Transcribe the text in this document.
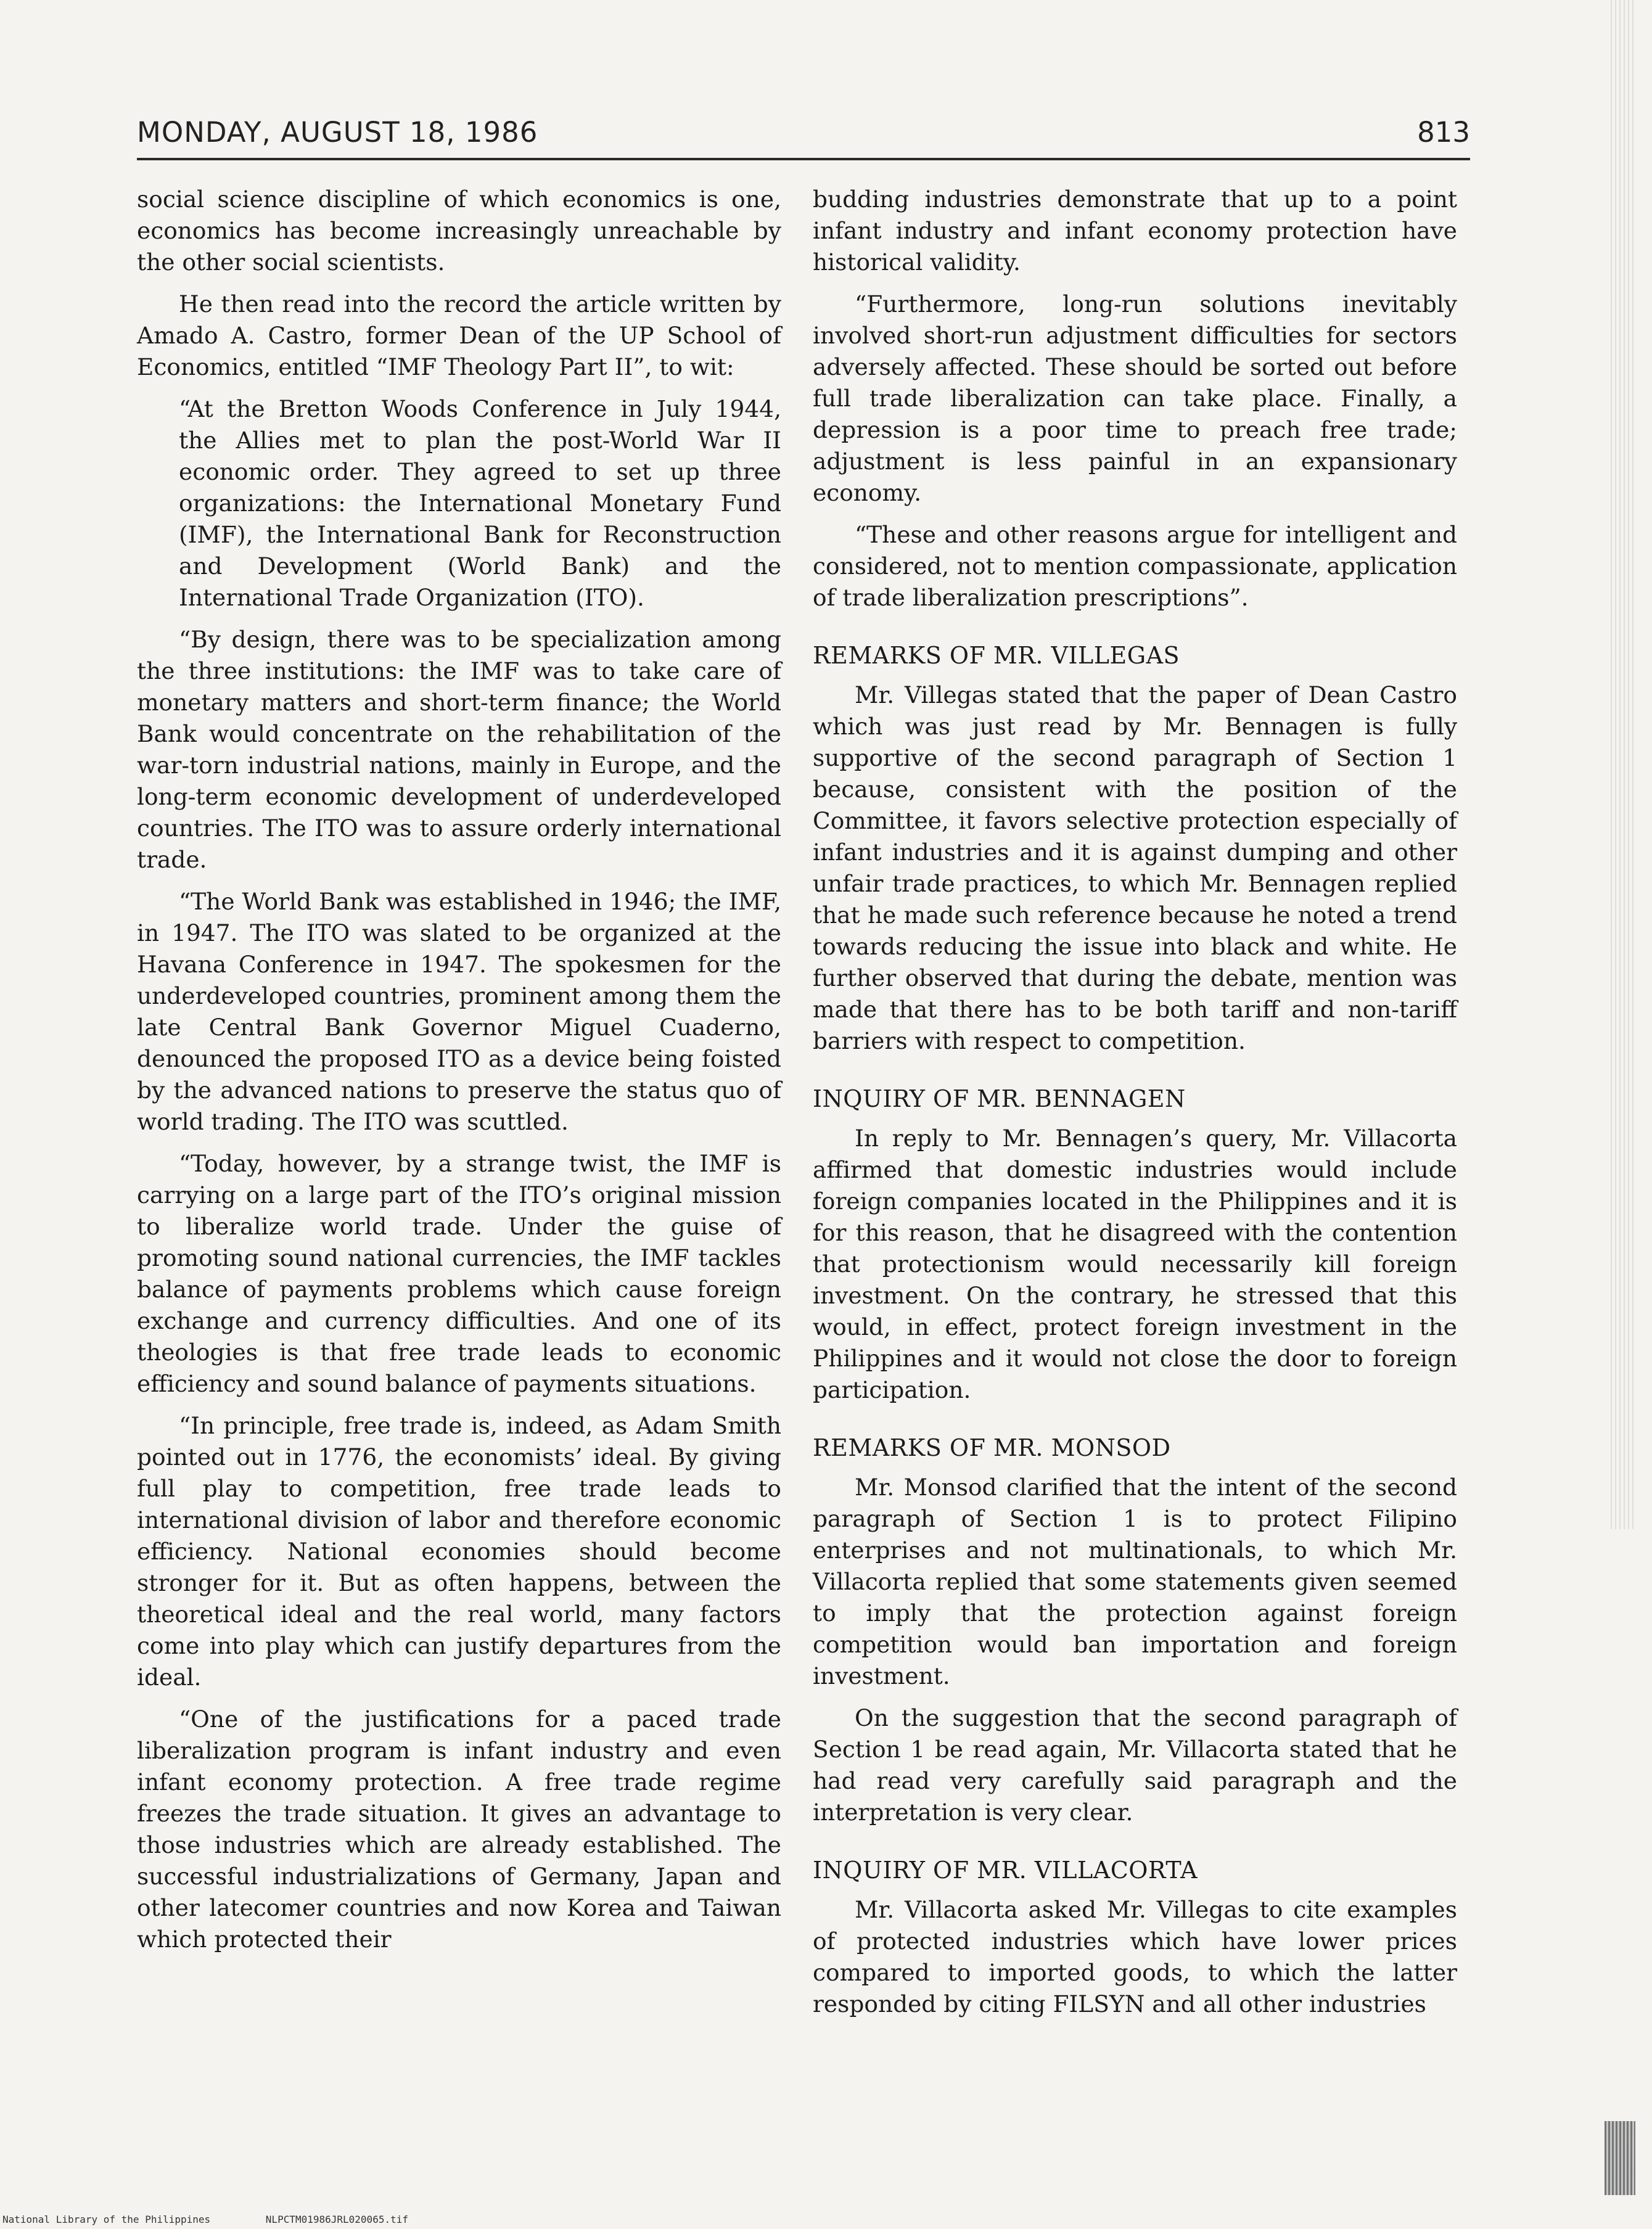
MONDAY, AUGUST 18, 1986	813

social science discipline of which economics is one, economics has become increasingly unreachable by the other social scientists.

He then read into the record the article written by Amado A. Castro, former Dean of the UP School of Economics, entitled “IMF Theology Part II”, to wit:

“At the Bretton Woods Conference in July 1944, the Allies met to plan the post-World War II economic order. They agreed to set up three organizations: the International Monetary Fund (IMF), the International Bank for Reconstruction and Development (World Bank) and the International Trade Organization (ITO).

“By design, there was to be specialization among the three institutions: the IMF was to take care of monetary matters and short-term finance; the World Bank would concentrate on the rehabilitation of the war-torn industrial nations, mainly in Europe, and the long-term economic development of underdeveloped countries. The ITO was to assure orderly international trade.

“The World Bank was established in 1946; the IMF, in 1947. The ITO was slated to be organized at the Havana Conference in 1947. The spokesmen for the underdeveloped countries, prominent among them the late Central Bank Governor Miguel Cuaderno, denounced the proposed ITO as a device being foisted by the advanced nations to preserve the status quo of world trading. The ITO was scuttled.

“Today, however, by a strange twist, the IMF is carrying on a large part of the ITO’s original mission to liberalize world trade. Under the guise of promoting sound national currencies, the IMF tackles balance of payments problems which cause foreign exchange and currency difficulties. And one of its theologies is that free trade leads to economic efficiency and sound balance of payments situations.

“In principle, free trade is, indeed, as Adam Smith pointed out in 1776, the economists’ ideal. By giving full play to competition, free trade leads to international division of labor and therefore economic efficiency. National economies should become stronger for it. But as often happens, between the theoretical ideal and the real world, many factors come into play which can justify departures from the ideal.

“One of the justifications for a paced trade liberalization program is infant industry and even infant economy protection. A free trade regime freezes the trade situation. It gives an advantage to those industries which are already established. The successful industrializations of Germany, Japan and other latecomer countries and now Korea and Taiwan which protected their

budding industries demonstrate that up to a point infant industry and infant economy protection have historical validity.

“Furthermore, long-run solutions inevitably involved short-run adjustment difficulties for sectors adversely affected. These should be sorted out before full trade liberalization can take place. Finally, a depression is a poor time to preach free trade; adjustment is less painful in an expansionary economy.

“These and other reasons argue for intelligent and considered, not to mention compassionate, application of trade liberalization prescriptions”.

REMARKS OF MR. VILLEGAS

Mr. Villegas stated that the paper of Dean Castro which was just read by Mr. Bennagen is fully supportive of the second paragraph of Section 1 because, consistent with the position of the Committee, it favors selective protection especially of infant industries and it is against dumping and other unfair trade practices, to which Mr. Bennagen replied that he made such reference because he noted a trend towards reducing the issue into black and white. He further observed that during the debate, mention was made that there has to be both tariff and non-tariff barriers with respect to competition.

INQUIRY OF MR. BENNAGEN

In reply to Mr. Bennagen’s query, Mr. Villacorta affirmed that domestic industries would include foreign companies located in the Philippines and it is for this reason, that he disagreed with the contention that protectionism would necessarily kill foreign investment. On the contrary, he stressed that this would, in effect, protect foreign investment in the Philippines and it would not close the door to foreign participation.

REMARKS OF MR. MONSOD

Mr. Monsod clarified that the intent of the second paragraph of Section 1 is to protect Filipino enterprises and not multinationals, to which Mr. Villacorta replied that some statements given seemed to imply that the protection against foreign competition would ban importation and foreign investment.

On the suggestion that the second paragraph of Section 1 be read again, Mr. Villacorta stated that he had read very carefully said paragraph and the interpretation is very clear.

INQUIRY OF MR. VILLACORTA

Mr. Villacorta asked Mr. Villegas to cite examples of protected industries which have lower prices compared to imported goods, to which the latter responded by citing FILSYN and all other industries

National Library of the Philippines	NLPCTM01986JRL020065.tif
